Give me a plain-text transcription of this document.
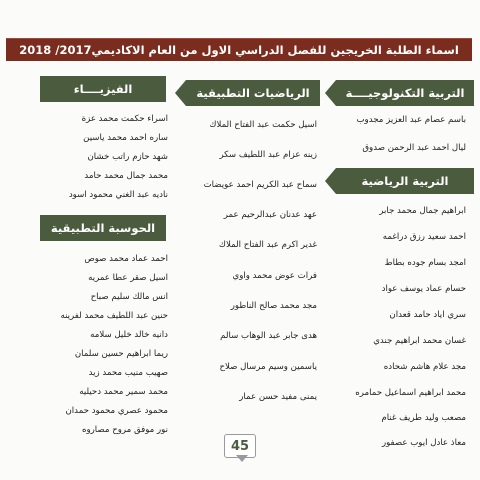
اسماء الطلبة الخريجين للفصل الدراسي الاول من العام الاكاديمي2017/ 2018
التربية التكنولوجيــــة
باسم عصام عبد العزيز مجدوب
ليال احمد عبد الرحمن صدوق
التربية الرياضية
ابراهيم جمال محمد جابر
احمد سعيد رزق دراغمه
امجد بسام جوده بطاط
حسام عماد يوسف عواد
سري اياد حامد قعدان
غسان محمد ابراهيم جندي
مجد علام هاشم شحاده
محمد ابراهيم اسماعيل حمامره
مصعب وليد طريف غنام
معاذ عادل ايوب عصفور
الرياضيات التطبيقية
اسيل حكمت عبد الفتاح الملاك
زينه عزام عبد اللطيف سكر
سماح عبد الكريم احمد عويضات
عهد عدنان عبدالرحيم عمر
غدير اكرم عبد الفتاح الملاك
فرات عوض محمد واوي
مجد محمد صالح الناطور
هدى جابر عبد الوهاب سالم
ياسمين وسيم مرسال صلاح
يمنى مفيد حسن عمار
الفيزيــــاء
اسراء حكمت محمد عزة
ساره احمد محمد ياسين
شهد حازم راتب خشان
محمد جمال محمد حامد
ناديه عبد الغني محمود اسود
الحوسبة التطبيقية
احمد عماد محمد صوص
اسيل صقر عطا عمريه
انس مالك سليم صباح
حنين عبد اللطيف محمد لفرينه
دانيه خالد خليل سلامه
ريما ابراهيم حسين سلمان
صهيب منيب محمد زيد
محمد سمير محمد دحيليه
محمود عصري محمود حمدان
نور موفق مروح مصاروه
45
